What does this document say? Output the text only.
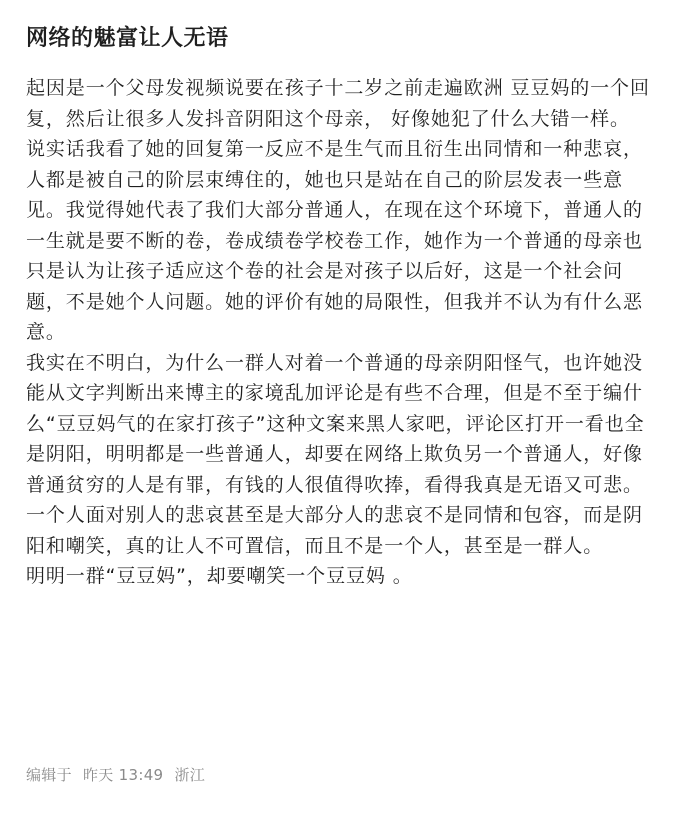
网络的魅富让人无语

起因是一个父母发视频说要在孩子十二岁之前走遍欧洲 豆豆妈的一个回复，然后让很多人发抖音阴阳这个母亲， 好像她犯了什么大错一样。

说实话我看了她的回复第一反应不是生气而且衍生出同情和一种悲哀，人都是被自己的阶层束缚住的，她也只是站在自己的阶层发表一些意见。我觉得她代表了我们大部分普通人，在现在这个环境下，普通人的一生就是要不断的卷，卷成绩卷学校卷工作，她作为一个普通的母亲也只是认为让孩子适应这个卷的社会是对孩子以后好，这是一个社会问题，不是她个人问题。她的评价有她的局限性，但我并不认为有什么恶意。

我实在不明白，为什么一群人对着一个普通的母亲阴阳怪气，也许她没能从文字判断出来博主的家境乱加评论是有些不合理，但是不至于编什么“豆豆妈气的在家打孩子”这种文案来黑人家吧，评论区打开一看也全是阴阳，明明都是一些普通人，却要在网络上欺负另一个普通人，好像普通贫穷的人是有罪，有钱的人很值得吹捧，看得我真是无语又可悲。一个人面对别人的悲哀甚至是大部分人的悲哀不是同情和包容，而是阴阳和嘲笑，真的让人不可置信，而且不是一个人，甚至是一群人。

明明一群“豆豆妈”，却要嘲笑一个豆豆妈 。

编辑于 昨天 13:49 浙江
